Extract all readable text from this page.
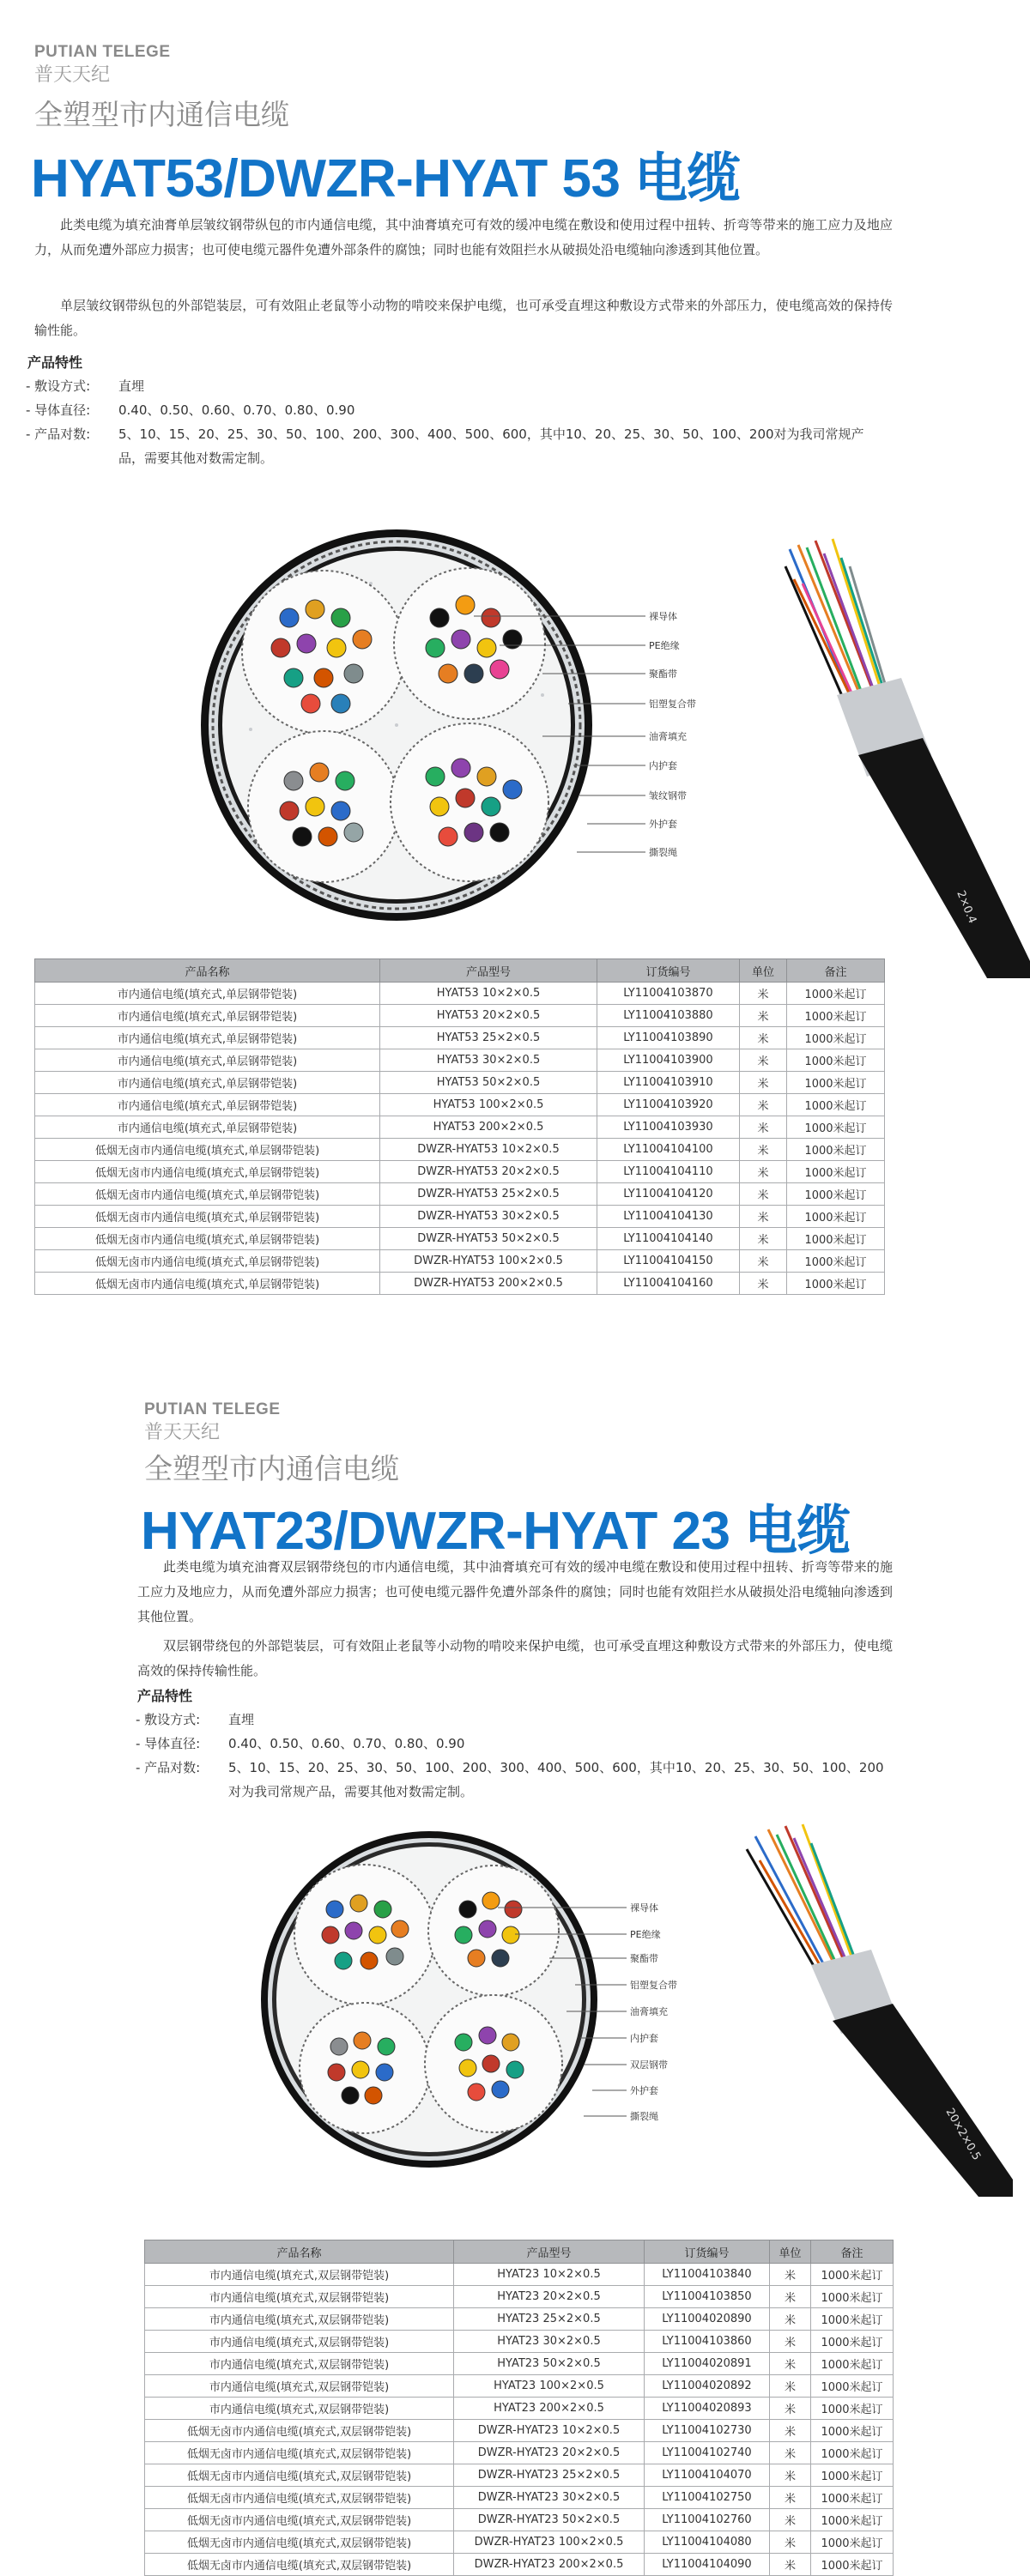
PUTIAN TELEGE
普天天纪
全塑型市内通信电缆
HYAT53/DWZR-HYAT 53 电缆
此类电缆为填充油膏单层皱纹钢带纵包的市内通信电缆，其中油膏填充可有效的缓冲电缆在敷设和使用过程中扭转、折弯等带来的施工应力及地应力，从而免遭外部应力损害；也可使电缆元器件免遭外部条件的腐蚀；同时也能有效阻拦水从破损处沿电缆轴向渗透到其他位置。
单层皱纹钢带纵包的外部铠装层，可有效阻止老鼠等小动物的啃咬来保护电缆，也可承受直埋这种敷设方式带来的外部压力，使电缆高效的保持传输性能。
产品特性
- 敷设方式: 直埋
- 导体直径: 0.40、0.50、0.60、0.70、0.80、0.90
- 产品对数: 5、10、15、20、25、30、50、100、200、300、400、500、600，其中10、20、25、30、50、100、200对为我司常规产品，需要其他对数需定制。
裸导体
PE绝缘
聚酯带
铝塑复合带
油膏填充
内护套
皱纹钢带
外护套
撕裂绳
2×0.4
产品名称	产品型号	订货编号	单位	备注
市内通信电缆(填充式,单层钢带铠装)	HYAT53 10×2×0.5	LY11004103870	米	1000米起订
市内通信电缆(填充式,单层钢带铠装)	HYAT53 20×2×0.5	LY11004103880	米	1000米起订
市内通信电缆(填充式,单层钢带铠装)	HYAT53 25×2×0.5	LY11004103890	米	1000米起订
市内通信电缆(填充式,单层钢带铠装)	HYAT53 30×2×0.5	LY11004103900	米	1000米起订
市内通信电缆(填充式,单层钢带铠装)	HYAT53 50×2×0.5	LY11004103910	米	1000米起订
市内通信电缆(填充式,单层钢带铠装)	HYAT53 100×2×0.5	LY11004103920	米	1000米起订
市内通信电缆(填充式,单层钢带铠装)	HYAT53 200×2×0.5	LY11004103930	米	1000米起订
低烟无卤市内通信电缆(填充式,单层钢带铠装)	DWZR-HYAT53 10×2×0.5	LY11004104100	米	1000米起订
低烟无卤市内通信电缆(填充式,单层钢带铠装)	DWZR-HYAT53 20×2×0.5	LY11004104110	米	1000米起订
低烟无卤市内通信电缆(填充式,单层钢带铠装)	DWZR-HYAT53 25×2×0.5	LY11004104120	米	1000米起订
低烟无卤市内通信电缆(填充式,单层钢带铠装)	DWZR-HYAT53 30×2×0.5	LY11004104130	米	1000米起订
低烟无卤市内通信电缆(填充式,单层钢带铠装)	DWZR-HYAT53 50×2×0.5	LY11004104140	米	1000米起订
低烟无卤市内通信电缆(填充式,单层钢带铠装)	DWZR-HYAT53 100×2×0.5	LY11004104150	米	1000米起订
低烟无卤市内通信电缆(填充式,单层钢带铠装)	DWZR-HYAT53 200×2×0.5	LY11004104160	米	1000米起订
PUTIAN TELEGE
普天天纪
全塑型市内通信电缆
HYAT23/DWZR-HYAT 23 电缆
此类电缆为填充油膏双层钢带绕包的市内通信电缆，其中油膏填充可有效的缓冲电缆在敷设和使用过程中扭转、折弯等带来的施工应力及地应力，从而免遭外部应力损害；也可使电缆元器件免遭外部条件的腐蚀；同时也能有效阻拦水从破损处沿电缆轴向渗透到其他位置。
双层钢带绕包的外部铠装层，可有效阻止老鼠等小动物的啃咬来保护电缆，也可承受直埋这种敷设方式带来的外部压力，使电缆高效的保持传输性能。
产品特性
- 敷设方式: 直埋
- 导体直径: 0.40、0.50、0.60、0.70、0.80、0.90
- 产品对数: 5、10、15、20、25、30、50、100、200、300、400、500、600，其中10、20、25、30、50、100、200对为我司常规产品，需要其他对数需定制。
裸导体
PE绝缘
聚酯带
铝塑复合带
油膏填充
内护套
双层钢带
外护套
撕裂绳	20×2×0.5
产品名称	产品型号	订货编号	单位	备注
市内通信电缆(填充式,双层钢带铠装)	HYAT23 10×2×0.5	LY11004103840	米	1000米起订
市内通信电缆(填充式,双层钢带铠装)	HYAT23 20×2×0.5	LY11004103850	米	1000米起订
市内通信电缆(填充式,双层钢带铠装)	HYAT23 25×2×0.5	LY11004020890	米	1000米起订
市内通信电缆(填充式,双层钢带铠装)	HYAT23 30×2×0.5	LY11004103860	米	1000米起订
市内通信电缆(填充式,双层钢带铠装)	HYAT23 50×2×0.5	LY11004020891	米	1000米起订
市内通信电缆(填充式,双层钢带铠装)	HYAT23 100×2×0.5	LY11004020892	米	1000米起订
市内通信电缆(填充式,双层钢带铠装)	HYAT23 200×2×0.5	LY11004020893	米	1000米起订
低烟无卤市内通信电缆(填充式,双层钢带铠装)	DWZR-HYAT23 10×2×0.5	LY11004102730	米	1000米起订
低烟无卤市内通信电缆(填充式,双层钢带铠装)	DWZR-HYAT23 20×2×0.5	LY11004102740	米	1000米起订
低烟无卤市内通信电缆(填充式,双层钢带铠装)	DWZR-HYAT23 25×2×0.5	LY11004104070	米	1000米起订
低烟无卤市内通信电缆(填充式,双层钢带铠装)	DWZR-HYAT23 30×2×0.5	LY11004102750	米	1000米起订
低烟无卤市内通信电缆(填充式,双层钢带铠装)	DWZR-HYAT23 50×2×0.5	LY11004102760	米	1000米起订
低烟无卤市内通信电缆(填充式,双层钢带铠装)	DWZR-HYAT23 100×2×0.5	LY11004104080	米	1000米起订
低烟无卤市内通信电缆(填充式,双层钢带铠装)	DWZR-HYAT23 200×2×0.5	LY11004104090	米	1000米起订
